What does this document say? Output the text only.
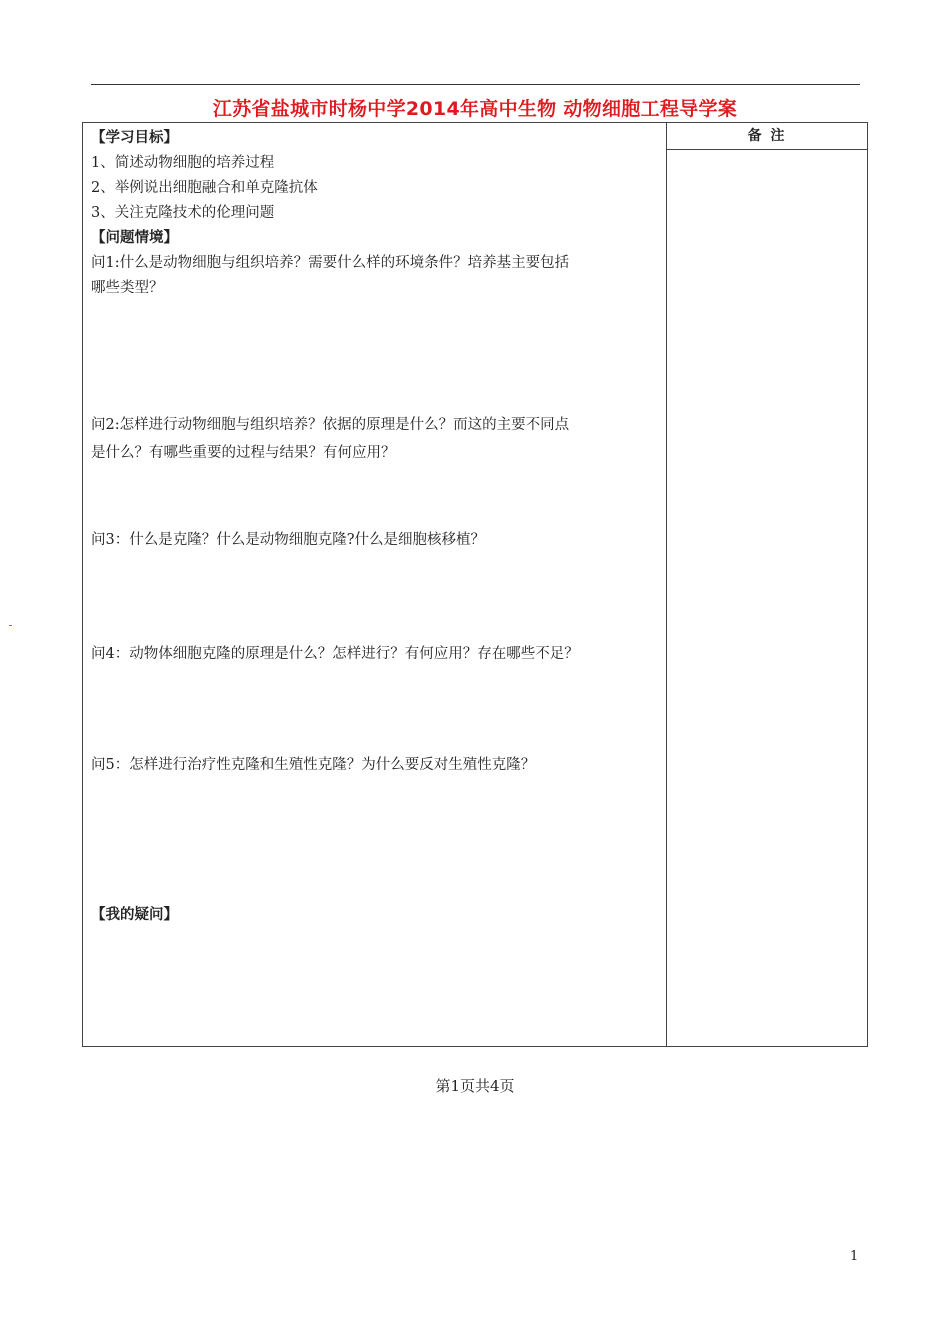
江苏省盐城市时杨中学2014年高中生物 动物细胞工程导学案
备 注
【学习目标】
1、简述动物细胞的培养过程
2、举例说出细胞融合和单克隆抗体
3、关注克隆技术的伦理问题
【问题情境】
问1:什么是动物细胞与组织培养？需要什么样的环境条件？培养基主要包括
哪些类型？
问2:怎样进行动物细胞与组织培养？依据的原理是什么？而这的主要不同点
是什么？有哪些重要的过程与结果？有何应用？
问3：什么是克隆？什么是动物细胞克隆?什么是细胞核移植？
问4：动物体细胞克隆的原理是什么？怎样进行？有何应用？存在哪些不足？
问5：怎样进行治疗性克隆和生殖性克隆？为什么要反对生殖性克隆？
【我的疑问】
第1页共4页
1
